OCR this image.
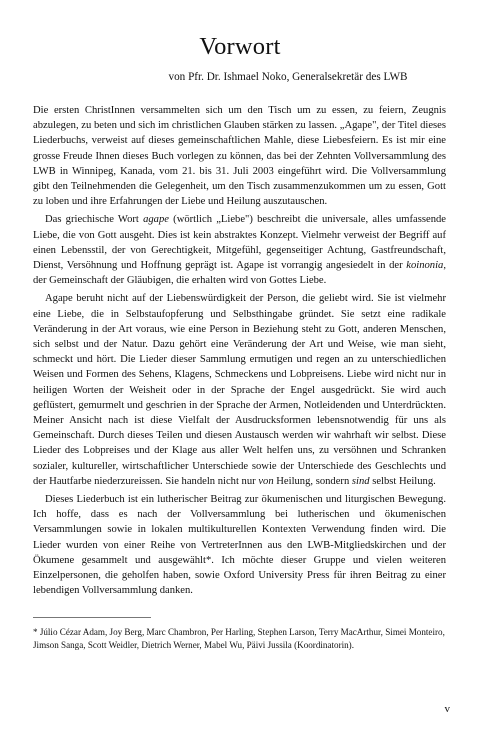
Vorwort

von Pfr. Dr. Ishmael Noko, Generalsekretär des LWB

Die ersten ChristInnen versammelten sich um den Tisch um zu essen, zu feiern, Zeugnis abzulegen, zu beten und sich im christlichen Glauben stärken zu lassen. „Agape", der Titel dieses Liederbuchs, verweist auf dieses gemeinschaftlichen Mahle, diese Liebesfeiern. Es ist mir eine grosse Freude Ihnen dieses Buch vorlegen zu können, das bei der Zehnten Vollversammlung des LWB in Winnipeg, Kanada, vom 21. bis 31. Juli 2003 eingeführt wird. Die Vollversammlung gibt den Teilnehmenden die Gelegenheit, um den Tisch zusammenzukommen um zu essen, Gott zu loben und ihre Erfahrungen der Liebe und Heilung auszutauschen.

Das griechische Wort agape (wörtlich „Liebe") beschreibt die universale, alles umfassende Liebe, die von Gott ausgeht. Dies ist kein abstraktes Konzept. Vielmehr verweist der Begriff auf einen Lebensstil, der von Gerechtigkeit, Mitgefühl, gegenseitiger Achtung, Gastfreundschaft, Dienst, Versöhnung und Hoffnung geprägt ist. Agape ist vorrangig angesiedelt in der koinonia, der Gemeinschaft der Gläubigen, die erhalten wird von Gottes Liebe.

Agape beruht nicht auf der Liebenswürdigkeit der Person, die geliebt wird. Sie ist vielmehr eine Liebe, die in Selbstaufopferung und Selbsthingabe gründet. Sie setzt eine radikale Veränderung in der Art voraus, wie eine Person in Beziehung steht zu Gott, anderen Menschen, sich selbst und der Natur. Dazu gehört eine Veränderung der Art und Weise, wie man sieht, schmeckt und hört. Die Lieder dieser Sammlung ermutigen und regen an zu unterschiedlichen Weisen und Formen des Sehens, Klagens, Schmeckens und Lobpreisens. Liebe wird nicht nur in heiligen Worten der Weisheit oder in der Sprache der Engel ausgedrückt. Sie wird auch geflüstert, gemurmelt und geschrien in der Sprache der Armen, Notleidenden und Unterdrückten. Meiner Ansicht nach ist diese Vielfalt der Ausdrucksformen lebensnotwendig für uns als Gemeinschaft. Durch dieses Teilen und diesen Austausch werden wir wahrhaft wir selbst. Diese Lieder des Lobpreises und der Klage aus aller Welt helfen uns, zu versöhnen und Schranken sozialer, kultureller, wirtschaftlicher Unterschiede sowie der Unterschiede des Geschlechts und der Hautfarbe niederzureissen. Sie handeln nicht nur von Heilung, sondern sind selbst Heilung.

Dieses Liederbuch ist ein lutherischer Beitrag zur ökumenischen und liturgischen Bewegung. Ich hoffe, dass es nach der Vollversammlung bei lutherischen und ökumenischen Versammlungen sowie in lokalen multikulturellen Kontexten Verwendung finden wird. Die Lieder wurden von einer Reihe von VertreterInnen aus den LWB-Mitgliedskirchen und der Ökumene gesammelt und ausgewählt*. Ich möchte dieser Gruppe und vielen weiteren Einzelpersonen, die geholfen haben, sowie Oxford University Press für ihren Beitrag zu einer lebendigen Vollversammlung danken.

* Júlio Cézar Adam, Joy Berg, Marc Chambron, Per Harling, Stephen Larson, Terry MacArthur, Simei Monteiro, Jimson Sanga, Scott Weidler, Dietrich Werner, Mabel Wu, Päivi Jussila (Koordinatorin).

v
